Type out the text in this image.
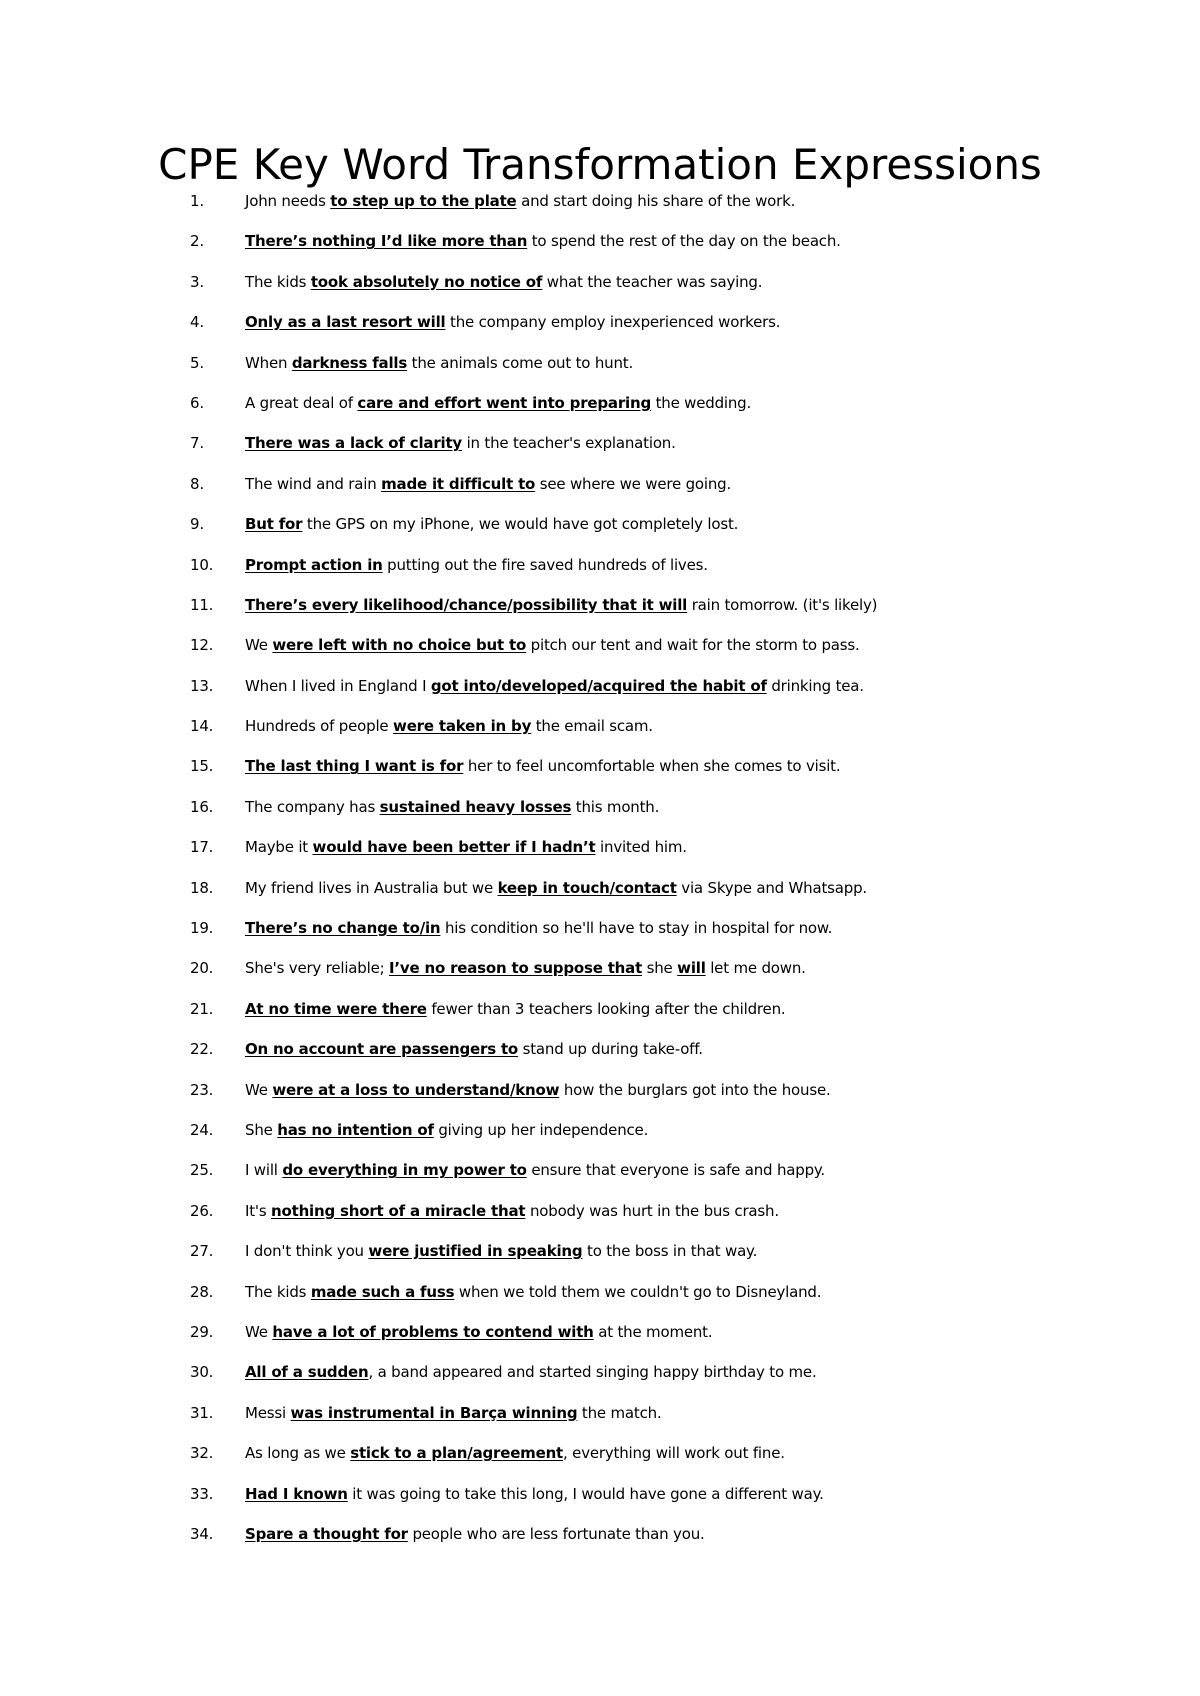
CPE Key Word Transformation Expressions
1.	John needs to step up to the plate and start doing his share of the work.
2.	There’s nothing I’d like more than to spend the rest of the day on the beach.
3.	The kids took absolutely no notice of what the teacher was saying.
4.	Only as a last resort will the company employ inexperienced workers.
5.	When darkness falls the animals come out to hunt.
6.	A great deal of care and effort went into preparing the wedding.
7.	There was a lack of clarity in the teacher's explanation.
8.	The wind and rain made it difficult to see where we were going.
9.	But for the GPS on my iPhone, we would have got completely lost.
10.	Prompt action in putting out the fire saved hundreds of lives.
11.	There’s every likelihood/chance/possibility that it will rain tomorrow. (it's likely)
12.	We were left with no choice but to pitch our tent and wait for the storm to pass.
13.	When I lived in England I got into/developed/acquired the habit of drinking tea.
14.	Hundreds of people were taken in by the email scam.
15.	The last thing I want is for her to feel uncomfortable when she comes to visit.
16.	The company has sustained heavy losses this month.
17.	Maybe it would have been better if I hadn’t invited him.
18.	My friend lives in Australia but we keep in touch/contact via Skype and Whatsapp.
19.	There’s no change to/in his condition so he'll have to stay in hospital for now.
20.	She's very reliable; I’ve no reason to suppose that she will let me down.
21.	At no time were there fewer than 3 teachers looking after the children.
22.	On no account are passengers to stand up during take-off.
23.	We were at a loss to understand/know how the burglars got into the house.
24.	She has no intention of giving up her independence.
25.	I will do everything in my power to ensure that everyone is safe and happy.
26.	It's nothing short of a miracle that nobody was hurt in the bus crash.
27.	I don't think you were justified in speaking to the boss in that way.
28.	The kids made such a fuss when we told them we couldn't go to Disneyland.
29.	We have a lot of problems to contend with at the moment.
30.	All of a sudden, a band appeared and started singing happy birthday to me.
31.	Messi was instrumental in Barça winning the match.
32.	As long as we stick to a plan/agreement, everything will work out fine.
33.	Had I known it was going to take this long, I would have gone a different way.
34.	Spare a thought for people who are less fortunate than you.
